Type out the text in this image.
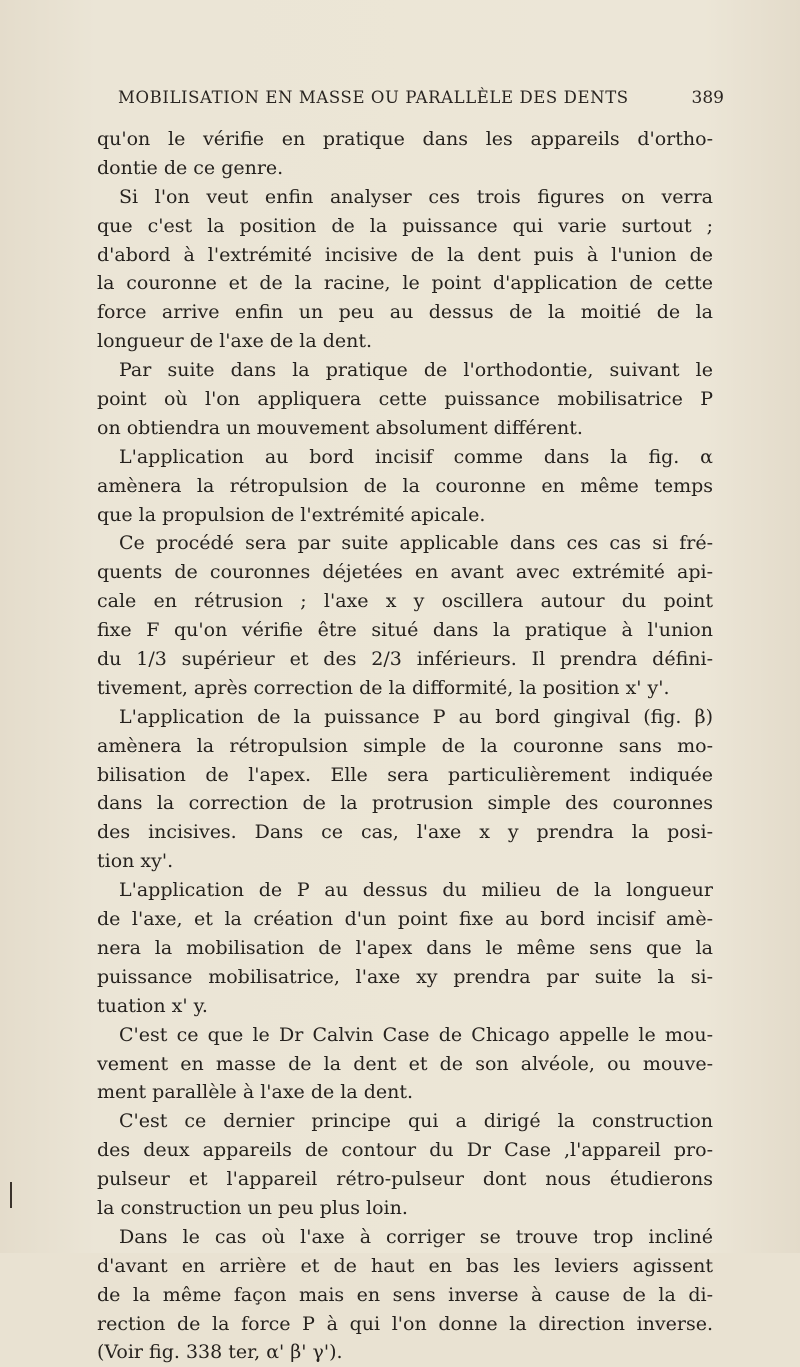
MOBILISATION EN MASSE OU PARALLÈLE DES DENTS	389
qu'on le vérifie en pratique dans les appareils d'ortho-
dontie de ce genre.
Si l'on veut enfin analyser ces trois figures on verra
que c'est la position de la puissance qui varie surtout ;
d'abord à l'extrémité incisive de la dent puis à l'union de
la couronne et de la racine, le point d'application de cette
force arrive enfin un peu au dessus de la moitié de la
longueur de l'axe de la dent.
Par suite dans la pratique de l'orthodontie, suivant le
point où l'on appliquera cette puissance mobilisatrice P
on obtiendra un mouvement absolument différent.
L'application au bord incisif comme dans la fig. α
amènera la rétropulsion de la couronne en même temps
que la propulsion de l'extrémité apicale.
Ce procédé sera par suite applicable dans ces cas si fré-
quents de couronnes déjetées en avant avec extrémité api-
cale en rétrusion ; l'axe x y oscillera autour du point
fixe F qu'on vérifie être situé dans la pratique à l'union
du 1/3 supérieur et des 2/3 inférieurs. Il prendra défini-
tivement, après correction de la difformité, la position x' y'.
L'application de la puissance P au bord gingival (fig. β)
amènera la rétropulsion simple de la couronne sans mo-
bilisation de l'apex. Elle sera particulièrement indiquée
dans la correction de la protrusion simple des couronnes
des incisives. Dans ce cas, l'axe x y prendra la posi-
tion xy'.
L'application de P au dessus du milieu de la longueur
de l'axe, et la création d'un point fixe au bord incisif amè-
nera la mobilisation de l'apex dans le même sens que la
puissance mobilisatrice, l'axe xy prendra par suite la si-
tuation x' y.
C'est ce que le Dr Calvin Case de Chicago appelle le mou-
vement en masse de la dent et de son alvéole, ou mouve-
ment parallèle à l'axe de la dent.
C'est ce dernier principe qui a dirigé la construction
des deux appareils de contour du Dr Case ,l'appareil pro-
pulseur et l'appareil rétro-pulseur dont nous étudierons
la construction un peu plus loin.
Dans le cas où l'axe à corriger se trouve trop incliné
d'avant en arrière et de haut en bas les leviers agissent
de la même façon mais en sens inverse à cause de la di-
rection de la force P à qui l'on donne la direction inverse.
(Voir fig. 338 ter, α' β' γ').
